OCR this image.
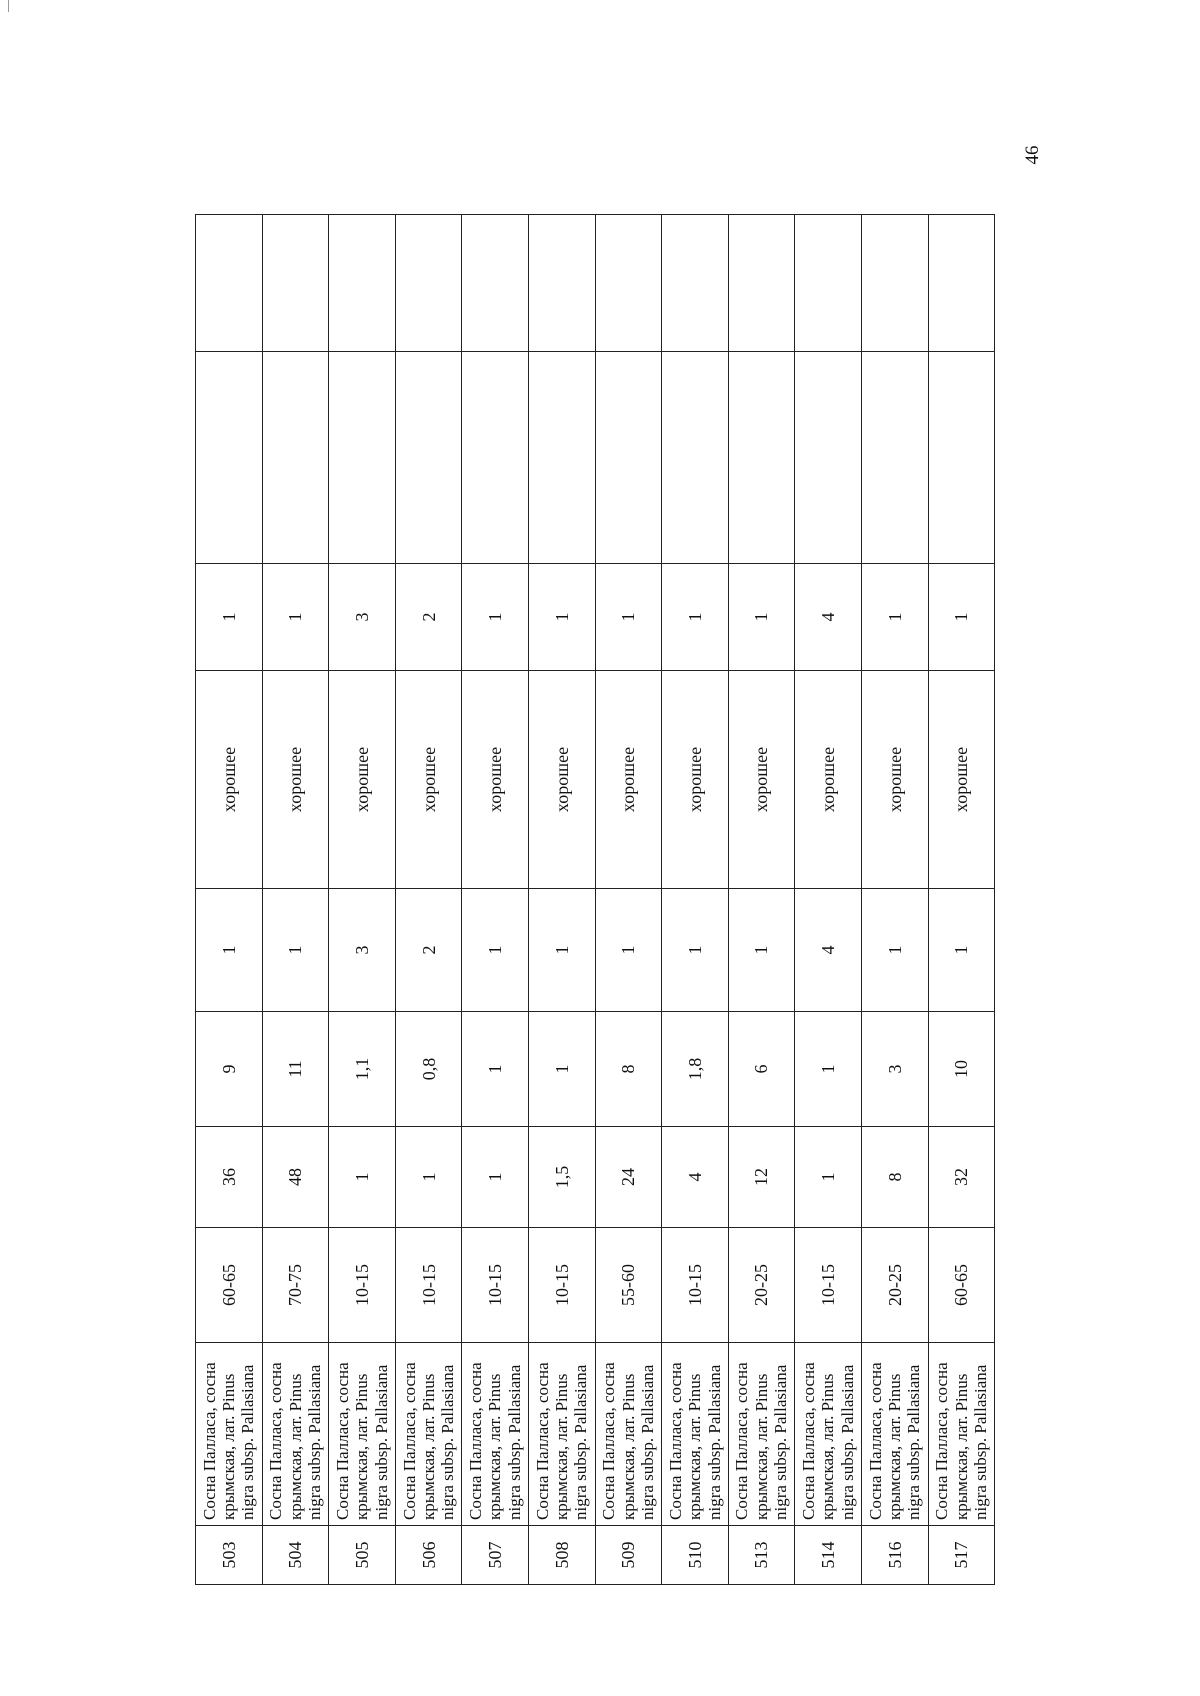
46
503	Сосна Палласа, сосна крымская, лат. Pinus nigra subsp. Pallasiana	60-65	36	9	1	хорошее	1		
504	Сосна Палласа, сосна крымская, лат. Pinus nigra subsp. Pallasiana	70-75	48	11	1	хорошее	1		
505	Сосна Палласа, сосна крымская, лат. Pinus nigra subsp. Pallasiana	10-15	1	1,1	3	хорошее	3		
506	Сосна Палласа, сосна крымская, лат. Pinus nigra subsp. Pallasiana	10-15	1	0,8	2	хорошее	2		
507	Сосна Палласа, сосна крымская, лат. Pinus nigra subsp. Pallasiana	10-15	1	1	1	хорошее	1		
508	Сосна Палласа, сосна крымская, лат. Pinus nigra subsp. Pallasiana	10-15	1,5	1	1	хорошее	1		
509	Сосна Палласа, сосна крымская, лат. Pinus nigra subsp. Pallasiana	55-60	24	8	1	хорошее	1		
510	Сосна Палласа, сосна крымская, лат. Pinus nigra subsp. Pallasiana	10-15	4	1,8	1	хорошее	1		
513	Сосна Палласа, сосна крымская, лат. Pinus nigra subsp. Pallasiana	20-25	12	6	1	хорошее	1		
514	Сосна Палласа, сосна крымская, лат. Pinus nigra subsp. Pallasiana	10-15	1	1	4	хорошее	4		
516	Сосна Палласа, сосна крымская, лат. Pinus nigra subsp. Pallasiana	20-25	8	3	1	хорошее	1		
517	Сосна Палласа, сосна крымская, лат. Pinus nigra subsp. Pallasiana	60-65	32	10	1	хорошее	1		
